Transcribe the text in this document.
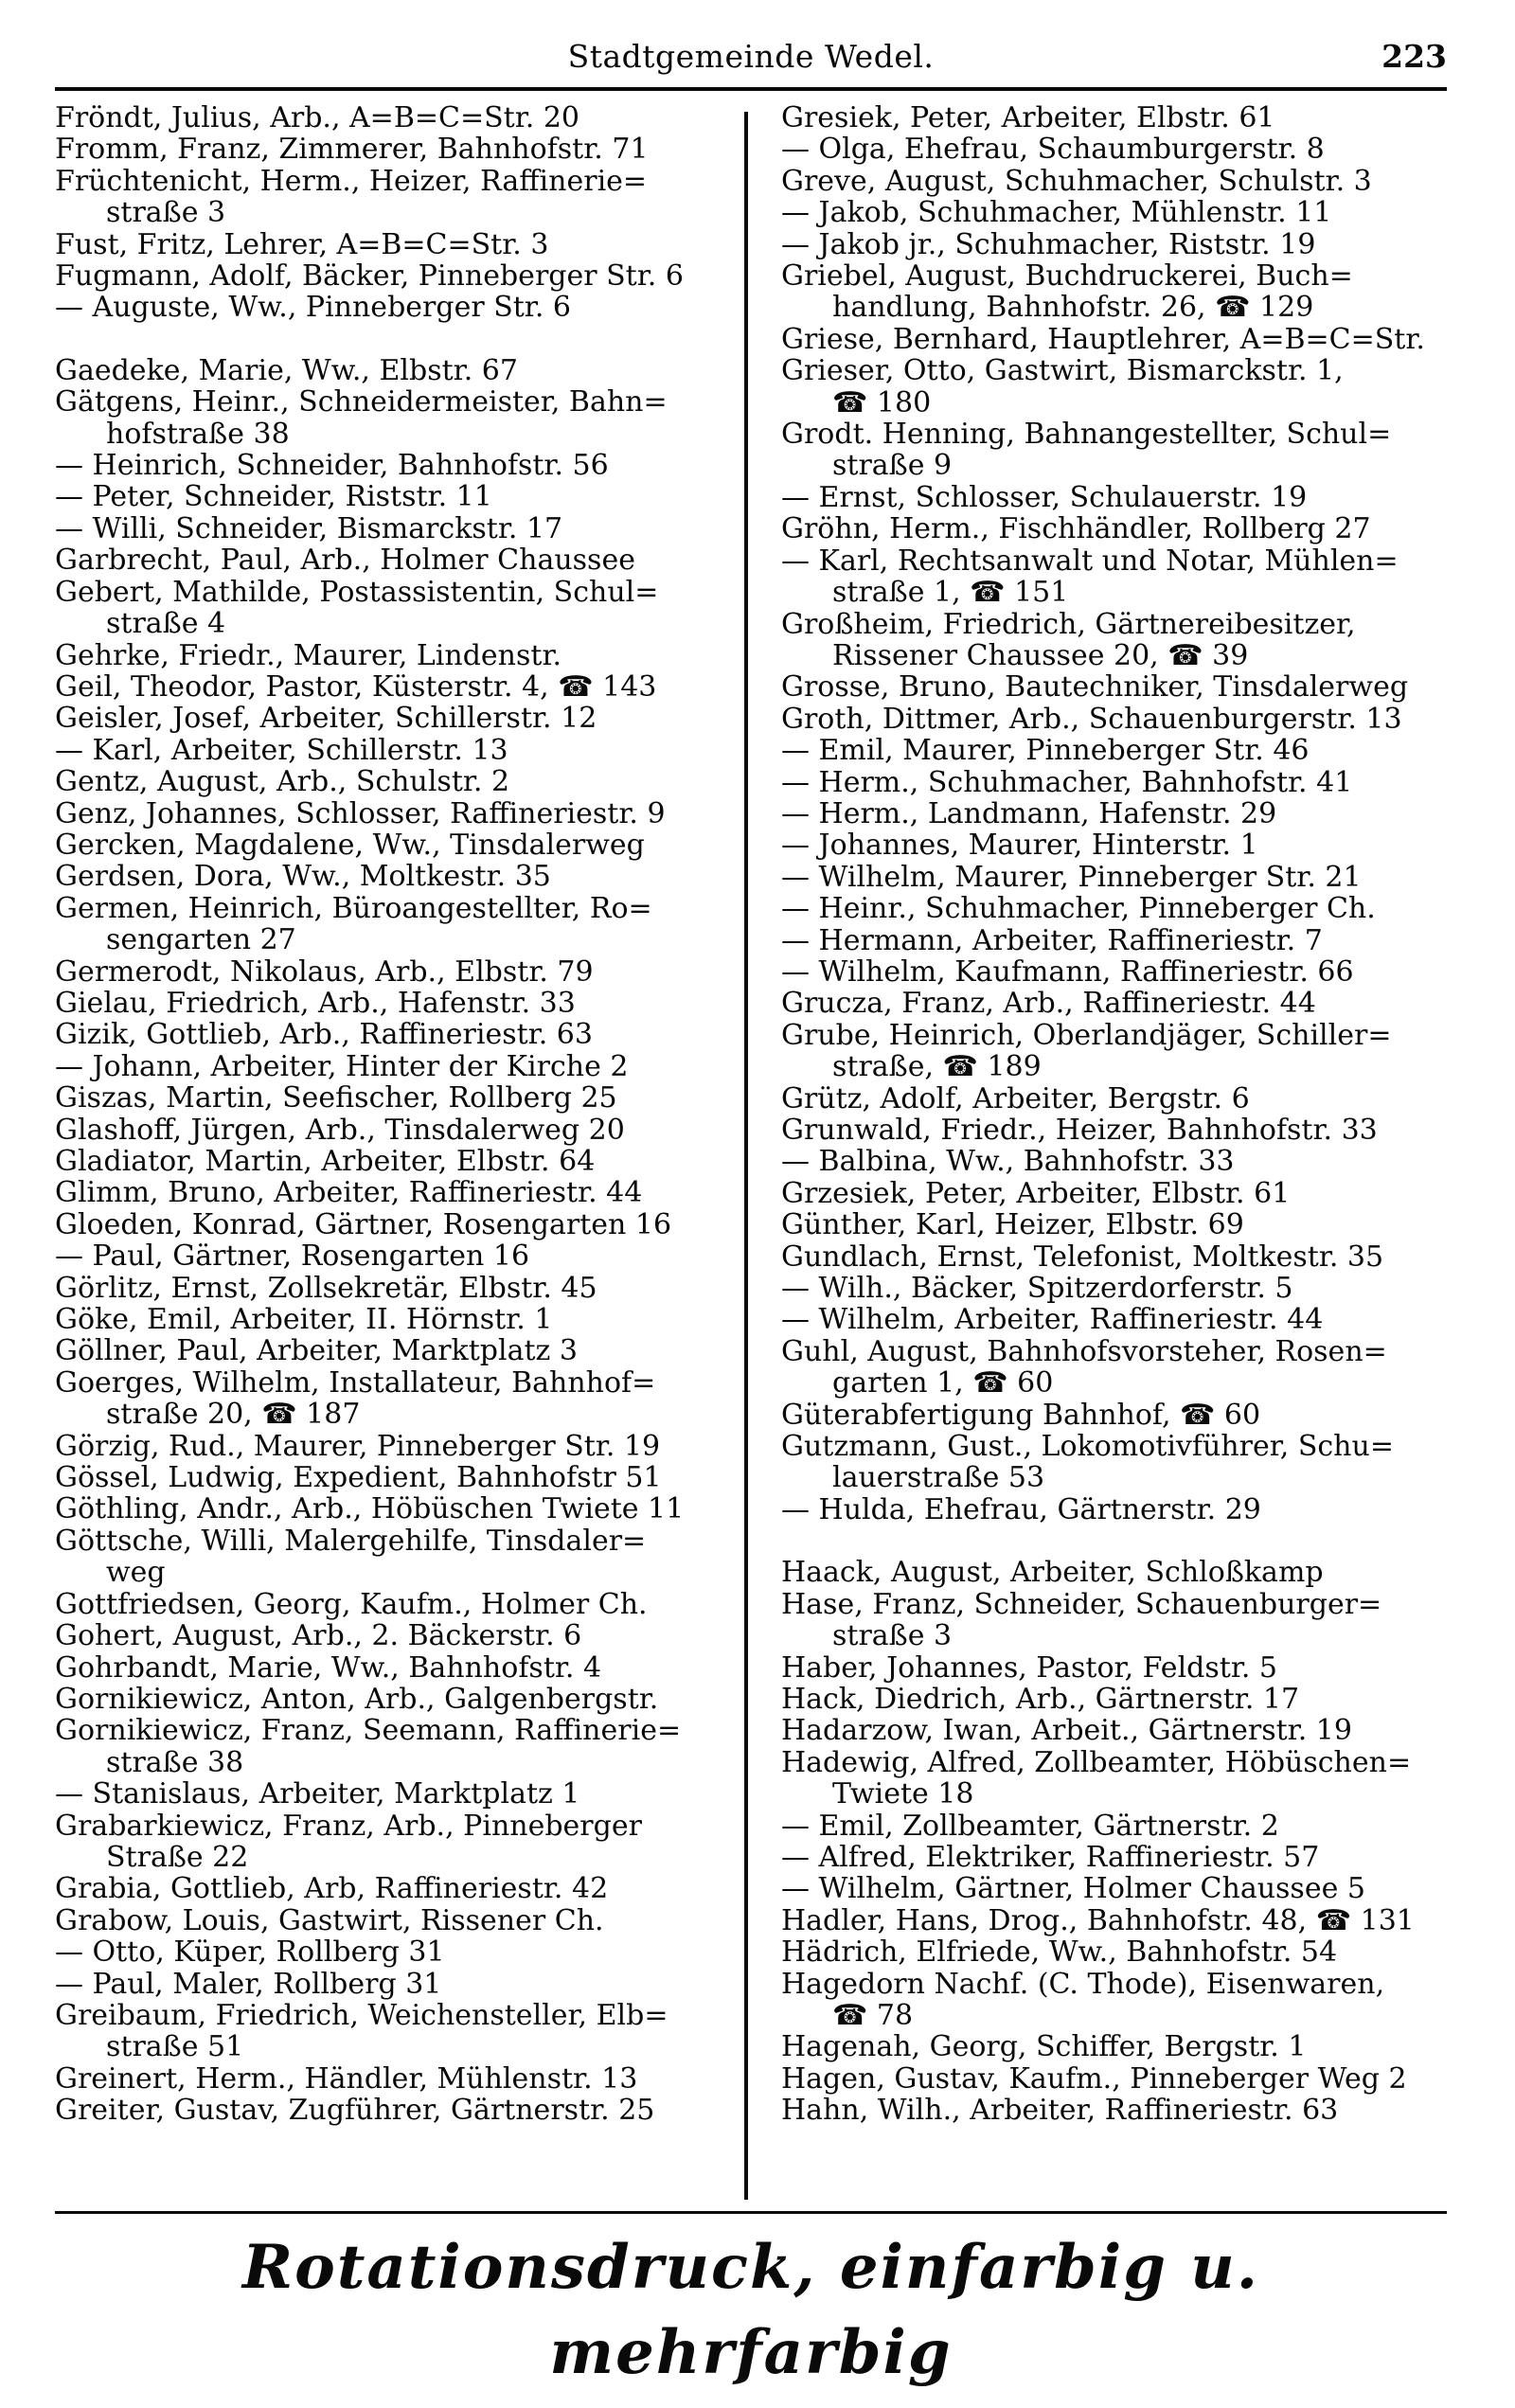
Stadtgemeinde Wedel.	223
Fröndt, Julius, Arb., A=B=C=Str. 20
Fromm, Franz, Zimmerer, Bahnhofstr. 71
Früchtenicht, Herm., Heizer, Raffinerie=
straße 3
Fust, Fritz, Lehrer, A=B=C=Str. 3
Fugmann, Adolf, Bäcker, Pinneberger Str. 6
— Auguste, Ww., Pinneberger Str. 6
Gaedeke, Marie, Ww., Elbstr. 67
Gätgens, Heinr., Schneidermeister, Bahn=
hofstraße 38
— Heinrich, Schneider, Bahnhofstr. 56
— Peter, Schneider, Riststr. 11
— Willi, Schneider, Bismarckstr. 17
Garbrecht, Paul, Arb., Holmer Chaussee
Gebert, Mathilde, Postassistentin, Schul=
straße 4
Gehrke, Friedr., Maurer, Lindenstr.
Geil, Theodor, Pastor, Küsterstr. 4, ☎ 143
Geisler, Josef, Arbeiter, Schillerstr. 12
— Karl, Arbeiter, Schillerstr. 13
Gentz, August, Arb., Schulstr. 2
Genz, Johannes, Schlosser, Raffineriestr. 9
Gercken, Magdalene, Ww., Tinsdalerweg
Gerdsen, Dora, Ww., Moltkestr. 35
Germen, Heinrich, Büroangestellter, Ro=
sengarten 27
Germerodt, Nikolaus, Arb., Elbstr. 79
Gielau, Friedrich, Arb., Hafenstr. 33
Gizik, Gottlieb, Arb., Raffineriestr. 63
— Johann, Arbeiter, Hinter der Kirche 2
Giszas, Martin, Seefischer, Rollberg 25
Glashoff, Jürgen, Arb., Tinsdalerweg 20
Gladiator, Martin, Arbeiter, Elbstr. 64
Glimm, Bruno, Arbeiter, Raffineriestr. 44
Gloeden, Konrad, Gärtner, Rosengarten 16
— Paul, Gärtner, Rosengarten 16
Görlitz, Ernst, Zollsekretär, Elbstr. 45
Göke, Emil, Arbeiter, II. Hörnstr. 1
Göllner, Paul, Arbeiter, Marktplatz 3
Goerges, Wilhelm, Installateur, Bahnhof=
straße 20, ☎ 187
Görzig, Rud., Maurer, Pinneberger Str. 19
Gössel, Ludwig, Expedient, Bahnhofstr 51
Göthling, Andr., Arb., Höbüschen Twiete 11
Göttsche, Willi, Malergehilfe, Tinsdaler=
weg
Gottfriedsen, Georg, Kaufm., Holmer Ch.
Gohert, August, Arb., 2. Bäckerstr. 6
Gohrbandt, Marie, Ww., Bahnhofstr. 4
Gornikiewicz, Anton, Arb., Galgenbergstr.
Gornikiewicz, Franz, Seemann, Raffinerie=
straße 38
— Stanislaus, Arbeiter, Marktplatz 1
Grabarkiewicz, Franz, Arb., Pinneberger
Straße 22
Grabia, Gottlieb, Arb, Raffineriestr. 42
Grabow, Louis, Gastwirt, Rissener Ch.
— Otto, Küper, Rollberg 31
— Paul, Maler, Rollberg 31
Greibaum, Friedrich, Weichensteller, Elb=
straße 51
Greinert, Herm., Händler, Mühlenstr. 13
Greiter, Gustav, Zugführer, Gärtnerstr. 25
Gresiek, Peter, Arbeiter, Elbstr. 61
— Olga, Ehefrau, Schaumburgerstr. 8
Greve, August, Schuhmacher, Schulstr. 3
— Jakob, Schuhmacher, Mühlenstr. 11
— Jakob jr., Schuhmacher, Riststr. 19
Griebel, August, Buchdruckerei, Buch=
handlung, Bahnhofstr. 26, ☎ 129
Griese, Bernhard, Hauptlehrer, A=B=C=Str.
Grieser, Otto, Gastwirt, Bismarckstr. 1,
☎ 180
Grodt. Henning, Bahnangestellter, Schul=
straße 9
— Ernst, Schlosser, Schulauerstr. 19
Gröhn, Herm., Fischhändler, Rollberg 27
— Karl, Rechtsanwalt und Notar, Mühlen=
straße 1, ☎ 151
Großheim, Friedrich, Gärtnereibesitzer,
Rissener Chaussee 20, ☎ 39
Grosse, Bruno, Bautechniker, Tinsdalerweg
Groth, Dittmer, Arb., Schauenburgerstr. 13
— Emil, Maurer, Pinneberger Str. 46
— Herm., Schuhmacher, Bahnhofstr. 41
— Herm., Landmann, Hafenstr. 29
— Johannes, Maurer, Hinterstr. 1
— Wilhelm, Maurer, Pinneberger Str. 21
— Heinr., Schuhmacher, Pinneberger Ch.
— Hermann, Arbeiter, Raffineriestr. 7
— Wilhelm, Kaufmann, Raffineriestr. 66
Grucza, Franz, Arb., Raffineriestr. 44
Grube, Heinrich, Oberlandjäger, Schiller=
straße, ☎ 189
Grütz, Adolf, Arbeiter, Bergstr. 6
Grunwald, Friedr., Heizer, Bahnhofstr. 33
— Balbina, Ww., Bahnhofstr. 33
Grzesiek, Peter, Arbeiter, Elbstr. 61
Günther, Karl, Heizer, Elbstr. 69
Gundlach, Ernst, Telefonist, Moltkestr. 35
— Wilh., Bäcker, Spitzerdorferstr. 5
— Wilhelm, Arbeiter, Raffineriestr. 44
Guhl, August, Bahnhofsvorsteher, Rosen=
garten 1, ☎ 60
Güterabfertigung Bahnhof, ☎ 60
Gutzmann, Gust., Lokomotivführer, Schu=
lauerstraße 53
— Hulda, Ehefrau, Gärtnerstr. 29
Haack, August, Arbeiter, Schloßkamp
Hase, Franz, Schneider, Schauenburger=
straße 3
Haber, Johannes, Pastor, Feldstr. 5
Hack, Diedrich, Arb., Gärtnerstr. 17
Hadarzow, Iwan, Arbeit., Gärtnerstr. 19
Hadewig, Alfred, Zollbeamter, Höbüschen=
Twiete 18
— Emil, Zollbeamter, Gärtnerstr. 2
— Alfred, Elektriker, Raffineriestr. 57
— Wilhelm, Gärtner, Holmer Chaussee 5
Hadler, Hans, Drog., Bahnhofstr. 48, ☎ 131
Hädrich, Elfriede, Ww., Bahnhofstr. 54
Hagedorn Nachf. (C. Thode), Eisenwaren,
☎ 78
Hagenah, Georg, Schiffer, Bergstr. 1
Hagen, Gustav, Kaufm., Pinneberger Weg 2
Hahn, Wilh., Arbeiter, Raffineriestr. 63
Rotationsdruck, einfarbig u. mehrfarbig
